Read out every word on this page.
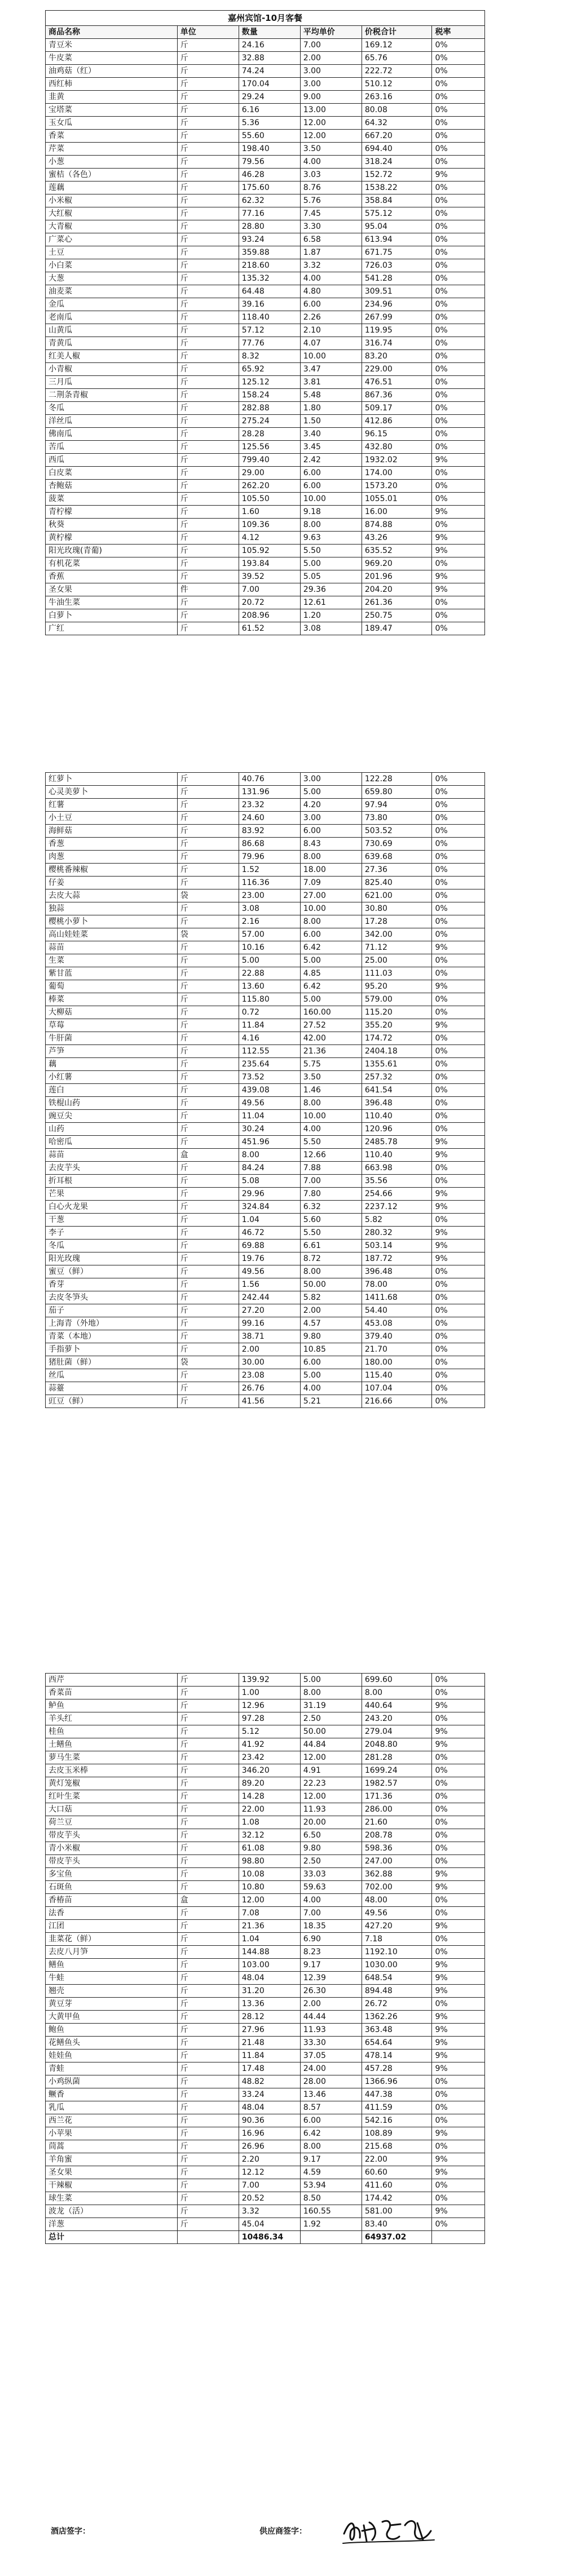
嘉州宾馆-10月客餐					
商品名称	单位	数量	平均单价	价税合计	税率
青豆米	斤	24.16	7.00	169.12	0%
牛皮菜	斤	32.88	2.00	65.76	0%
油鸡菇（红）	斤	74.24	3.00	222.72	0%
西红柿	斤	170.04	3.00	510.12	0%
韭黄	斤	29.24	9.00	263.16	0%
宝塔菜	斤	6.16	13.00	80.08	0%
玉女瓜	斤	5.36	12.00	64.32	0%
香菜	斤	55.60	12.00	667.20	0%
芹菜	斤	198.40	3.50	694.40	0%
小葱	斤	79.56	4.00	318.24	0%
蜜桔（各色）	斤	46.28	3.03	152.72	9%
莲藕	斤	175.60	8.76	1538.22	0%
小米椒	斤	62.32	5.76	358.84	0%
大红椒	斤	77.16	7.45	575.12	0%
大青椒	斤	28.80	3.30	95.04	0%
广菜心	斤	93.24	6.58	613.94	0%
土豆	斤	359.88	1.87	671.75	0%
小白菜	斤	218.60	3.32	726.03	0%
大葱	斤	135.32	4.00	541.28	0%
油麦菜	斤	64.48	4.80	309.51	0%
金瓜	斤	39.16	6.00	234.96	0%
老南瓜	斤	118.40	2.26	267.99	0%
山黄瓜	斤	57.12	2.10	119.95	0%
青黄瓜	斤	77.76	4.07	316.74	0%
红美人椒	斤	8.32	10.00	83.20	0%
小青椒	斤	65.92	3.47	229.00	0%
三月瓜	斤	125.12	3.81	476.51	0%
二荆条青椒	斤	158.24	5.48	867.36	0%
冬瓜	斤	282.88	1.80	509.17	0%
洋丝瓜	斤	275.24	1.50	412.86	0%
佛南瓜	斤	28.28	3.40	96.15	0%
苦瓜	斤	125.56	3.45	432.80	0%
西瓜	斤	799.40	2.42	1932.02	9%
白皮菜	斤	29.00	6.00	174.00	0%
杏鲍菇	斤	262.20	6.00	1573.20	0%
菠菜	斤	105.50	10.00	1055.01	0%
青柠檬	斤	1.60	9.18	16.00	9%
秋葵	斤	109.36	8.00	874.88	0%
黄柠檬	斤	4.12	9.63	43.26	9%
阳光玫瑰(青葡)	斤	105.92	5.50	635.52	9%
有机花菜	斤	193.84	5.00	969.20	0%
香蕉	斤	39.52	5.05	201.96	9%
圣女果	件	7.00	29.36	204.20	9%
牛油生菜	斤	20.72	12.61	261.36	0%
白萝卜	斤	208.96	1.20	250.75	0%
广红	斤	61.52	3.08	189.47	0%
红萝卜	斤	40.76	3.00	122.28	0%
心灵美萝卜	斤	131.96	5.00	659.80	0%
红薯	斤	23.32	4.20	97.94	0%
小土豆	斤	24.60	3.00	73.80	0%
海鲜菇	斤	83.92	6.00	503.52	0%
香葱	斤	86.68	8.43	730.69	0%
肉葱	斤	79.96	8.00	639.68	0%
樱桃番辣椒	斤	1.52	18.00	27.36	0%
仔姜	斤	116.36	7.09	825.40	0%
去皮大蒜	袋	23.00	27.00	621.00	0%
独蒜	斤	3.08	10.00	30.80	0%
樱桃小萝卜	斤	2.16	8.00	17.28	0%
高山娃娃菜	袋	57.00	6.00	342.00	0%
蒜苗	斤	10.16	6.42	71.12	9%
生菜	斤	5.00	5.00	25.00	0%
紫甘蓝	斤	22.88	4.85	111.03	0%
葡萄	斤	13.60	6.42	95.20	9%
棒菜	斤	115.80	5.00	579.00	0%
大柳菇	斤	0.72	160.00	115.20	0%
草莓	斤	11.84	27.52	355.20	9%
牛肝菌	斤	4.16	42.00	174.72	0%
芦笋	斤	112.55	21.36	2404.18	0%
藕	斤	235.64	5.75	1355.61	0%
小红薯	斤	73.52	3.50	257.32	0%
莲白	斤	439.08	1.46	641.54	0%
铁棍山药	斤	49.56	8.00	396.48	0%
豌豆尖	斤	11.04	10.00	110.40	0%
山药	斤	30.24	4.00	120.96	0%
哈密瓜	斤	451.96	5.50	2485.78	9%
蒜苗	盒	8.00	12.66	110.40	9%
去皮芋头	斤	84.24	7.88	663.98	0%
折耳根	斤	5.08	7.00	35.56	0%
芒果	斤	29.96	7.80	254.66	9%
白心火龙果	斤	324.84	6.32	2237.12	9%
干葱	斤	1.04	5.60	5.82	0%
李子	斤	46.72	5.50	280.32	9%
冬瓜	斤	69.88	6.61	503.14	9%
阳光玫瑰	斤	19.76	8.72	187.72	9%
蜜豆（鲜）	斤	49.56	8.00	396.48	0%
香芽	斤	1.56	50.00	78.00	0%
去皮冬笋头	斤	242.44	5.82	1411.68	0%
茄子	斤	27.20	2.00	54.40	0%
上海青（外地）	斤	99.16	4.57	453.08	0%
青菜（本地）	斤	38.71	9.80	379.40	0%
手指萝卜	斤	2.00	10.85	21.70	0%
猪肚菌（鲜）	袋	30.00	6.00	180.00	0%
丝瓜	斤	23.08	5.00	115.40	0%
蒜薹	斤	26.76	4.00	107.04	0%
豇豆（鲜）	斤	41.56	5.21	216.66	0%
西芹	斤	139.92	5.00	699.60	0%
香菜苗	斤	1.00	8.00	8.00	0%
鲈鱼	斤	12.96	31.19	440.64	9%
羊头红	斤	97.28	2.50	243.20	0%
桂鱼	斤	5.12	50.00	279.04	9%
土鳝鱼	斤	41.92	44.84	2048.80	9%
萝马生菜	斤	23.42	12.00	281.28	0%
去皮玉米棒	斤	346.20	4.91	1699.24	0%
黄灯笼椒	斤	89.20	22.23	1982.57	0%
红叶生菜	斤	14.28	12.00	171.36	0%
大口菇	斤	22.00	11.93	286.00	0%
荷兰豆	斤	1.08	20.00	21.60	0%
带皮芋头	斤	32.12	6.50	208.78	0%
青小米椒	斤	61.08	9.80	598.36	0%
带皮芋头	斤	98.80	2.50	247.00	0%
多宝鱼	斤	10.08	33.03	362.88	9%
石斑鱼	斤	10.80	59.63	702.00	9%
香椿苗	盒	12.00	4.00	48.00	0%
法香	斤	7.08	7.00	49.56	0%
江团	斤	21.36	18.35	427.20	9%
韭菜花（鲜）	斤	1.04	6.90	7.18	0%
去皮八月笋	斤	144.88	8.23	1192.10	0%
鳝鱼	斤	103.00	9.17	1030.00	9%
牛蛙	斤	48.04	12.39	648.54	9%
翘壳	斤	31.20	26.30	894.48	9%
黄豆芽	斤	13.36	2.00	26.72	0%
大黄甲鱼	斤	28.12	44.44	1362.26	9%
鲍鱼	斤	27.96	11.93	363.48	9%
花鳝鱼头	斤	21.48	33.30	654.64	9%
娃娃鱼	斤	11.84	37.05	478.14	9%
青蛙	斤	17.48	24.00	457.28	9%
小鸡纵菌	斤	48.82	28.00	1366.96	0%
鳜香	斤	33.24	13.46	447.38	0%
乳瓜	斤	48.04	8.57	411.59	0%
西兰花	斤	90.36	6.00	542.16	0%
小苹果	斤	16.96	6.42	108.89	9%
茼蒿	斤	26.96	8.00	215.68	0%
羊角蜜	斤	2.20	9.17	22.00	9%
圣女果	斤	12.12	4.59	60.60	9%
干辣椒	斤	7.00	53.94	411.60	0%
球生菜	斤	20.52	8.50	174.42	0%
波龙（活）	斤	3.32	160.55	581.00	9%
洋葱	斤	45.04	1.92	83.40	0%
总计		10486.34		64937.02	
酒店签字：	供应商签字：
